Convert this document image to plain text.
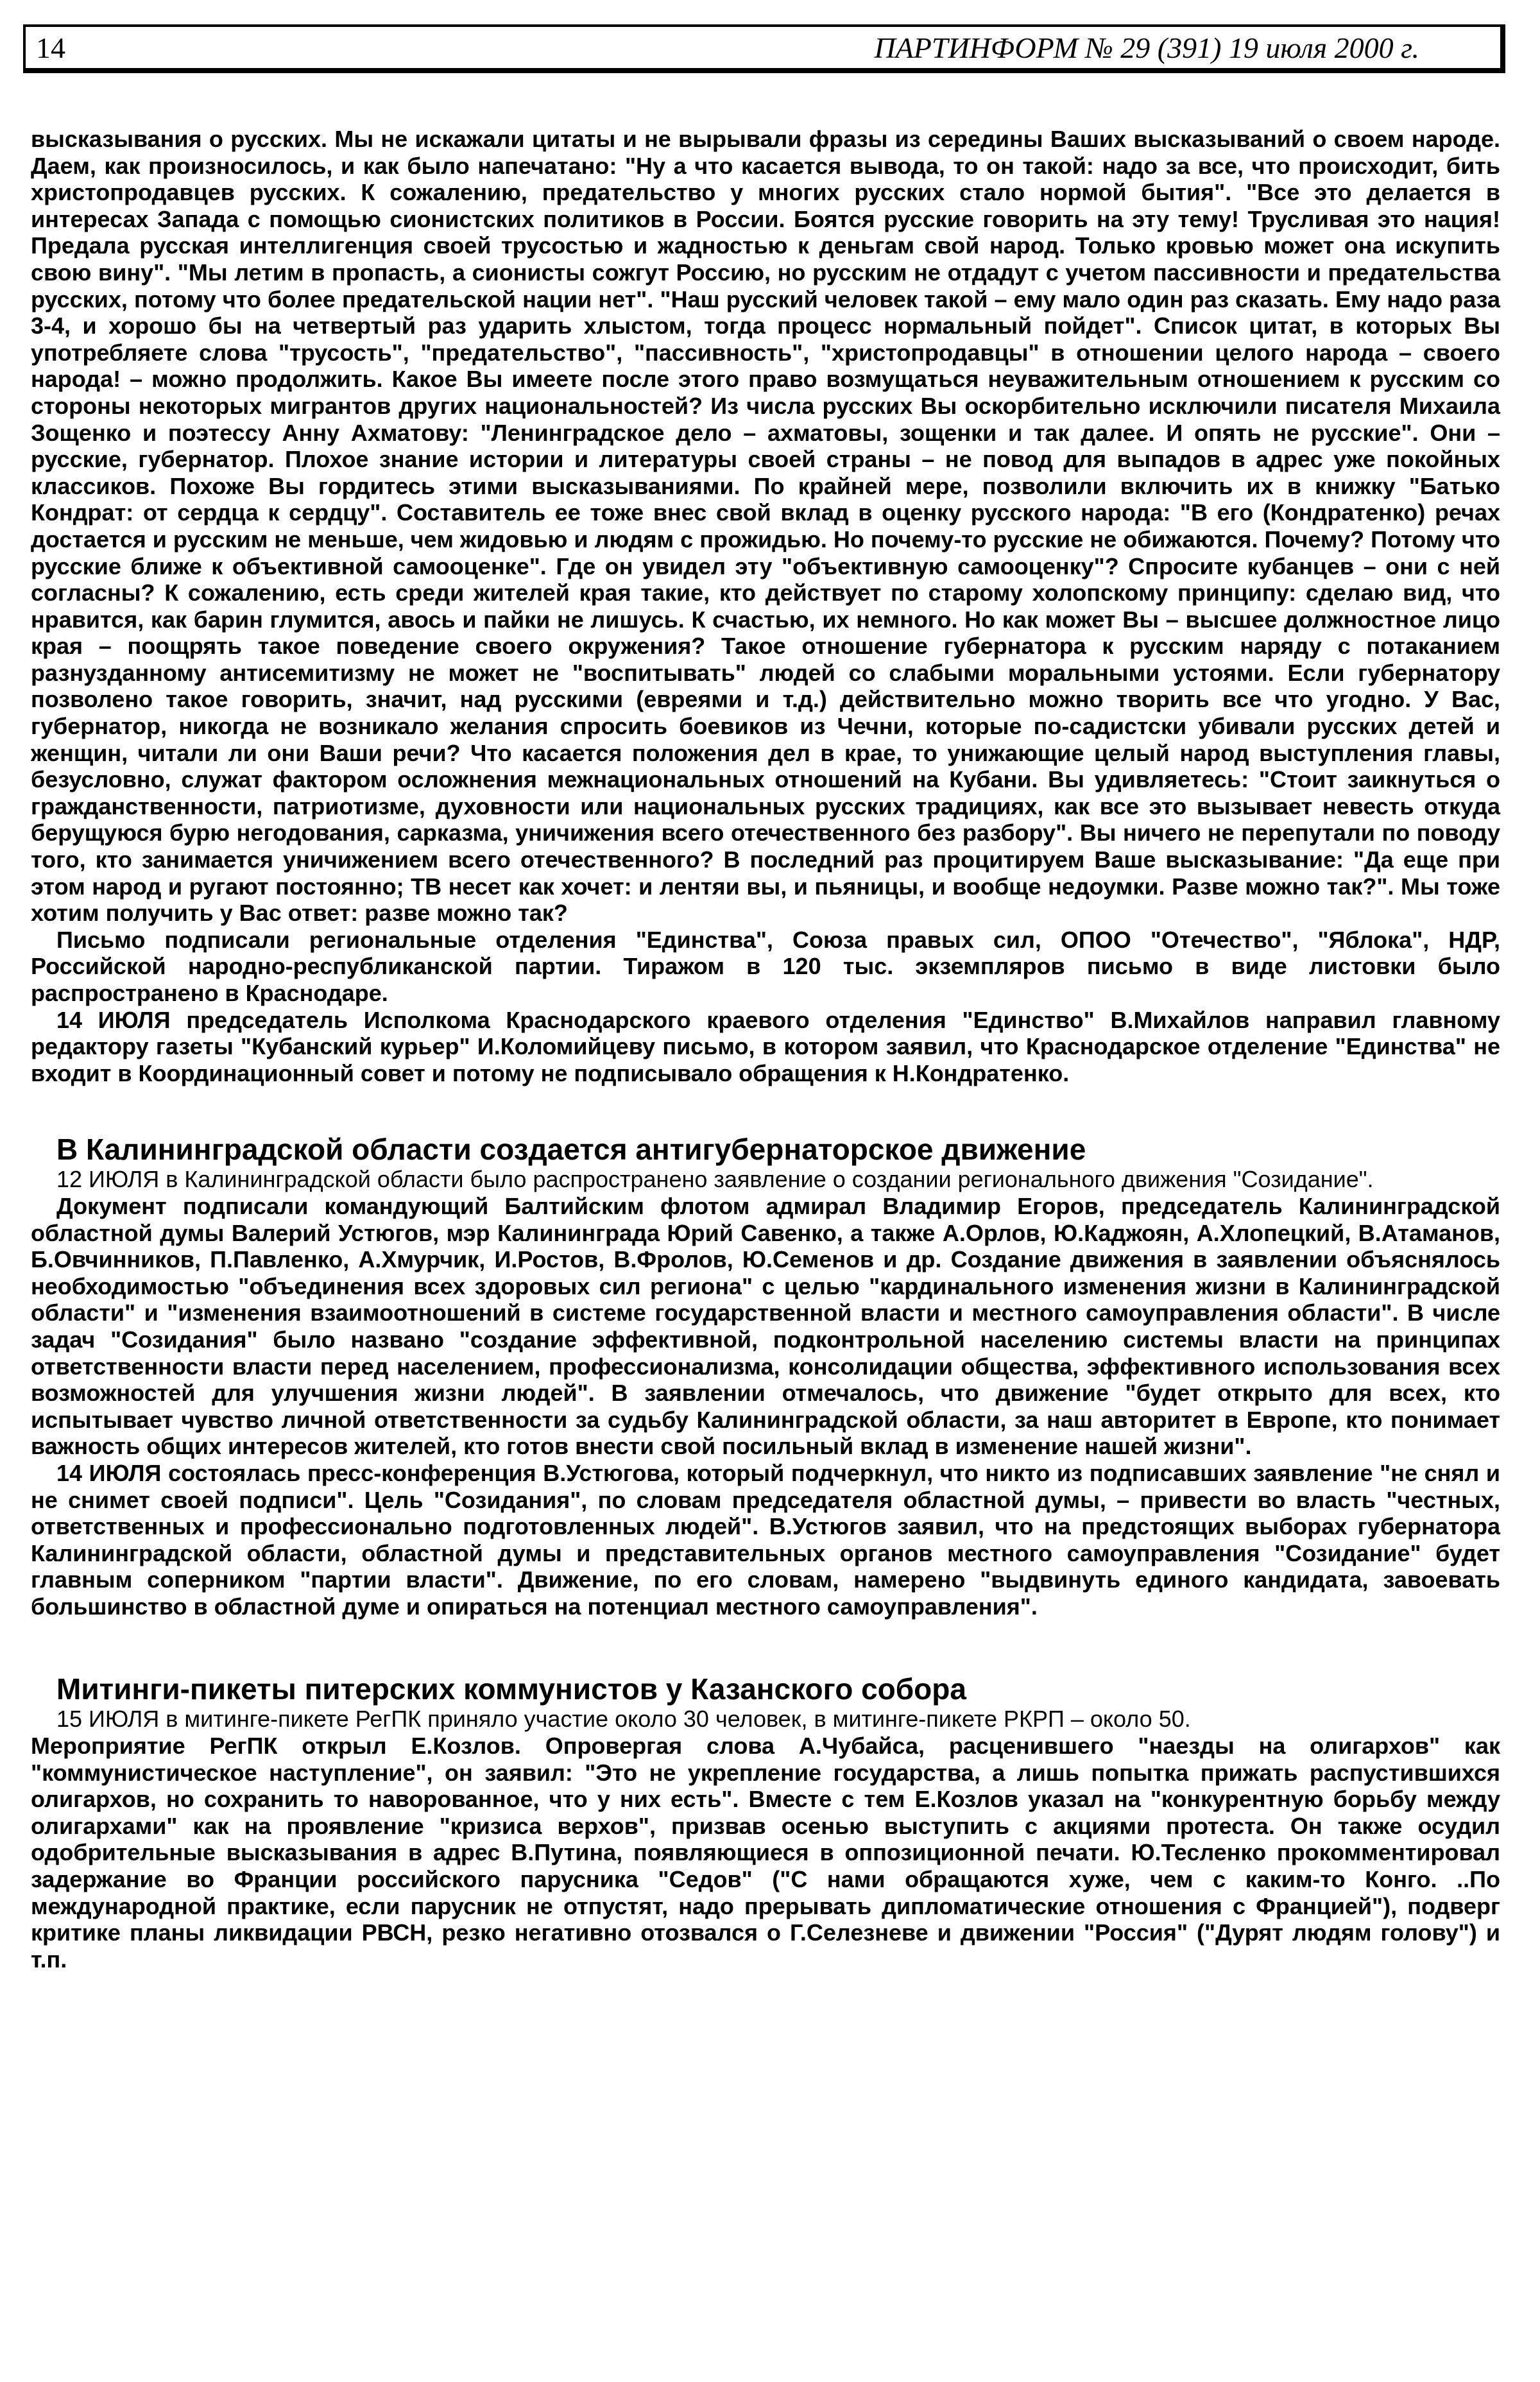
14	ПАРТИНФОРМ № 29 (391) 19 июля 2000 г.

высказывания о русских. Мы не искажали цитаты и не вырывали фразы из середины Ваших высказываний о своем народе. Даем, как произносилось, и как было напечатано: "Ну а что касается вывода, то он такой: надо за все, что происходит, бить христопродавцев русских. К сожалению, предательство у многих русских стало нормой бытия". "Все это делается в интересах Запада с помощью сионистских политиков в России. Боятся русские говорить на эту тему! Трусливая это нация! Предала русская интеллигенция своей трусостью и жадностью к деньгам свой народ. Только кровью может она искупить свою вину". "Мы летим в пропасть, а сионисты сожгут Россию, но русским не отдадут с учетом пассивности и предательства русских, потому что более предательской нации нет". "Наш русский человек такой – ему мало один раз сказать. Ему надо раза 3-4, и хорошо бы на четвертый раз ударить хлыстом, тогда процесс нормальный пойдет". Список цитат, в которых Вы употребляете слова "трусость", "предательство", "пассивность", "христопродавцы" в отношении целого народа – своего народа! – можно продолжить. Какое Вы имеете после этого право возмущаться неуважительным отношением к русским со стороны некоторых мигрантов других национальностей? Из числа русских Вы оскорбительно исключили писателя Михаила Зощенко и поэтессу Анну Ахматову: "Ленинградское дело – ахматовы, зощенки и так далее. И опять не русские". Они – русские, губернатор. Плохое знание истории и литературы своей страны – не повод для выпадов в адрес уже покойных классиков. Похоже Вы гордитесь этими высказываниями. По крайней мере, позволили включить их в книжку "Батько Кондрат: от сердца к сердцу". Составитель ее тоже внес свой вклад в оценку русского народа: "В его (Кондратенко) речах достается и русским не меньше, чем жидовью и людям с прожидью. Но почему-то русские не обижаются. Почему? Потому что русские ближе к объективной самооценке". Где он увидел эту "объективную самооценку"? Спросите кубанцев – они с ней согласны? К сожалению, есть среди жителей края такие, кто действует по старому холопскому принципу: сделаю вид, что нравится, как барин глумится, авось и пайки не лишусь. К счастью, их немного. Но как может Вы – высшее должностное лицо края – поощрять такое поведение своего окружения? Такое отношение губернатора к русским наряду с потаканием разнузданному антисемитизму не может не "воспитывать" людей со слабыми моральными устоями. Если губернатору позволено такое говорить, значит, над русскими (евреями и т.д.) действительно можно творить все что угодно. У Вас, губернатор, никогда не возникало желания спросить боевиков из Чечни, которые по-садистски убивали русских детей и женщин, читали ли они Ваши речи? Что касается положения дел в крае, то унижающие целый народ выступления главы, безусловно, служат фактором осложнения межнациональных отношений на Кубани. Вы удивляетесь: "Стоит заикнуться о гражданственности, патриотизме, духовности или национальных русских традициях, как все это вызывает невесть откуда берущуюся бурю негодования, сарказма, уничижения всего отечественного без разбору". Вы ничего не перепутали по поводу того, кто занимается уничижением всего отечественного? В последний раз процитируем Ваше высказывание: "Да еще при этом народ и ругают постоянно; ТВ несет как хочет: и лентяи вы, и пьяницы, и вообще недоумки. Разве можно так?". Мы тоже хотим получить у Вас ответ: разве можно так?

Письмо подписали региональные отделения "Единства", Союза правых сил, ОПОО "Отечество", "Яблока", НДР, Российской народно-республиканской партии. Тиражом в 120 тыс. экземпляров письмо в виде листовки было распространено в Краснодаре.

14 ИЮЛЯ председатель Исполкома Краснодарского краевого отделения "Единство" В.Михайлов направил главному редактору газеты "Кубанский курьер" И.Коломийцеву письмо, в котором заявил, что Краснодарское отделение "Единства" не входит в Координационный совет и потому не подписывало обращения к Н.Кондратенко.

В Калининградской области создается антигубернаторское движение

12 ИЮЛЯ в Калининградской области было распространено заявление о создании регионального движения "Созидание".

Документ подписали командующий Балтийским флотом адмирал Владимир Егоров, председатель Калининградской областной думы Валерий Устюгов, мэр Калининграда Юрий Савенко, а также А.Орлов, Ю.Каджоян, А.Хлопецкий, В.Атаманов, Б.Овчинников, П.Павленко, А.Хмурчик, И.Ростов, В.Фролов, Ю.Семенов и др. Создание движения в заявлении объяснялось необходимостью "объединения всех здоровых сил региона" с целью "кардинального изменения жизни в Калининградской области" и "изменения взаимоотношений в системе государственной власти и местного самоуправления области". В числе задач "Созидания" было названо "создание эффективной, подконтрольной населению системы власти на принципах ответственности власти перед населением, профессионализма, консолидации общества, эффективного использования всех возможностей для улучшения жизни людей". В заявлении отмечалось, что движение "будет открыто для всех, кто испытывает чувство личной ответственности за судьбу Калининградской области, за наш авторитет в Европе, кто понимает важность общих интересов жителей, кто готов внести свой посильный вклад в изменение нашей жизни".

14 ИЮЛЯ состоялась пресс-конференция В.Устюгова, который подчеркнул, что никто из подписавших заявление "не снял и не снимет своей подписи". Цель "Созидания", по словам председателя областной думы, – привести во власть "честных, ответственных и профессионально подготовленных людей". В.Устюгов заявил, что на предстоящих выборах губернатора Калининградской области, областной думы и представительных органов местного самоуправления "Созидание" будет главным соперником "партии власти". Движение, по его словам, намерено "выдвинуть единого кандидата, завоевать большинство в областной думе и опираться на потенциал местного самоуправления".

Митинги-пикеты питерских коммунистов у Казанского собора

15 ИЮЛЯ в митинге-пикете РегПК приняло участие около 30 человек, в митинге-пикете РКРП – около 50.

Мероприятие РегПК открыл Е.Козлов. Опровергая слова А.Чубайса, расценившего "наезды на олигархов" как "коммунистическое наступление", он заявил: "Это не укрепление государства, а лишь попытка прижать распустившихся олигархов, но сохранить то наворованное, что у них есть". Вместе с тем Е.Козлов указал на "конкурентную борьбу между олигархами" как на проявление "кризиса верхов", призвав осенью выступить с акциями протеста. Он также осудил одобрительные высказывания в адрес В.Путина, появляющиеся в оппозиционной печати. Ю.Тесленко прокомментировал задержание во Франции российского парусника "Седов" ("С нами обращаются хуже, чем с каким-то Конго. ..По международной практике, если парусник не отпустят, надо прерывать дипломатические отношения с Францией"), подверг критике планы ликвидации РВСН, резко негативно отозвался о Г.Селезневе и движении "Россия" ("Дурят людям голову") и т.п.
